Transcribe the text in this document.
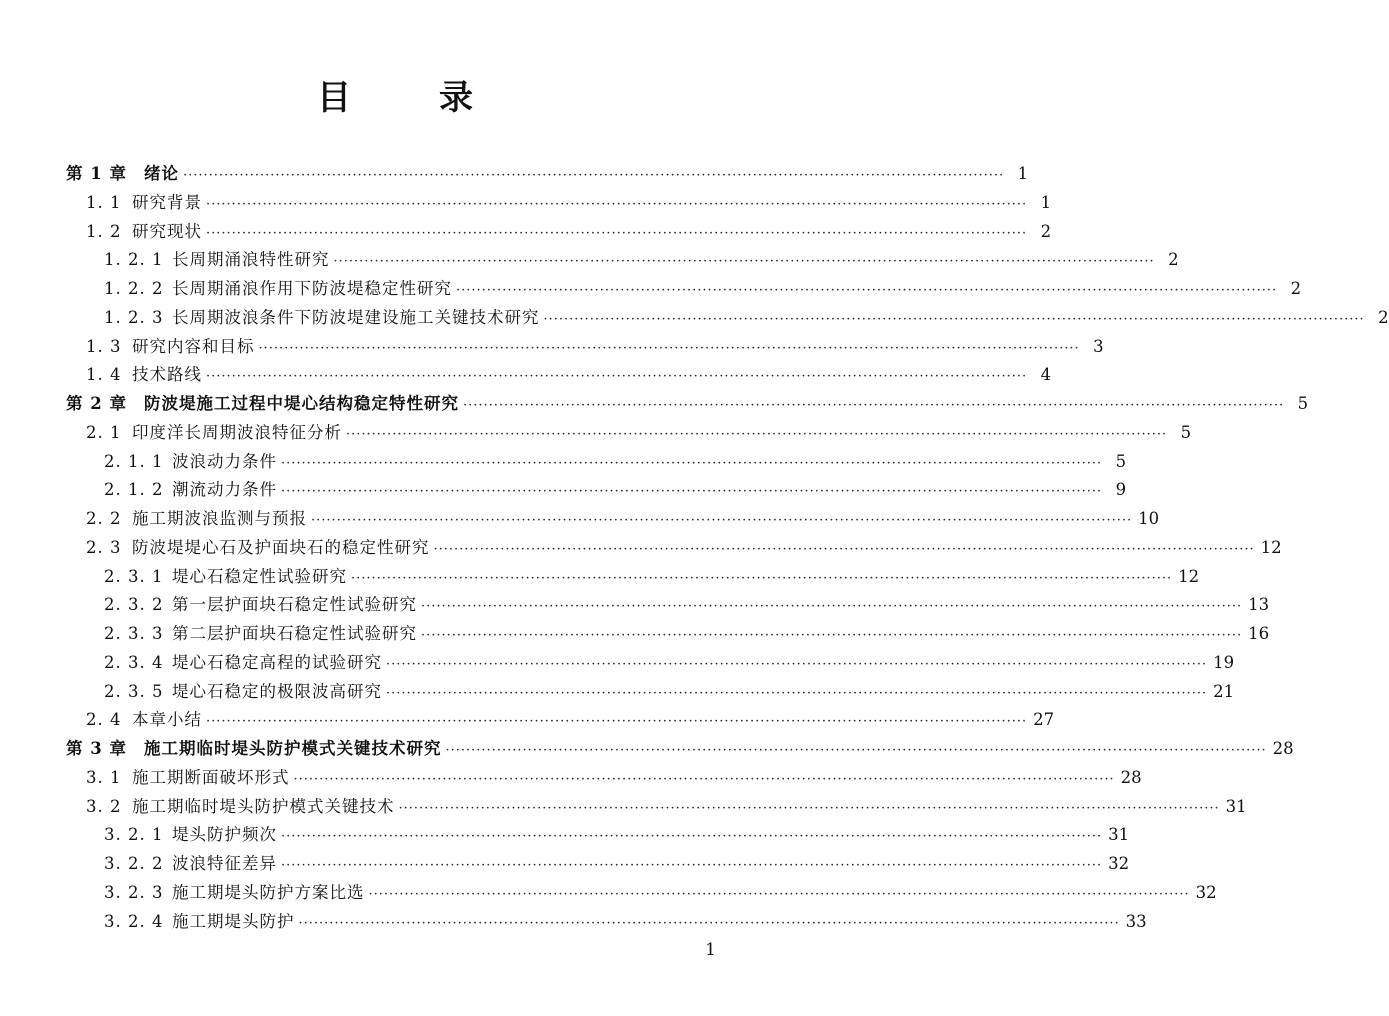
目	录
第 1 章	绪论 ································································································································································ 1
1. 1 研究背景 ································································································································································ 1
1. 2 研究现状 ································································································································································ 2
1. 2. 1 长周期涌浪特性研究 ································································································································································ 2
1. 2. 2 长周期涌浪作用下防波堤稳定性研究 ································································································································································ 2
1. 2. 3 长周期波浪条件下防波堤建设施工关键技术研究 ································································································································································ 2
1. 3 研究内容和目标 ································································································································································ 3
1. 4 技术路线 ································································································································································ 4
第 2 章	防波堤施工过程中堤心结构稳定特性研究 ································································································································································ 5
2. 1 印度洋长周期波浪特征分析 ································································································································································ 5
2. 1. 1 波浪动力条件 ································································································································································ 5
2. 1. 2 潮流动力条件 ································································································································································ 9
2. 2 施工期波浪监测与预报 ································································································································································ 10
2. 3 防波堤堤心石及护面块石的稳定性研究 ································································································································································ 12
2. 3. 1 堤心石稳定性试验研究 ································································································································································ 12
2. 3. 2 第一层护面块石稳定性试验研究 ································································································································································ 13
2. 3. 3 第二层护面块石稳定性试验研究 ································································································································································ 16
2. 3. 4 堤心石稳定高程的试验研究 ································································································································································ 19
2. 3. 5 堤心石稳定的极限波高研究 ································································································································································ 21
2. 4 本章小结 ································································································································································ 27
第 3 章	施工期临时堤头防护模式关键技术研究 ································································································································································ 28
3. 1 施工期断面破坏形式 ································································································································································ 28
3. 2 施工期临时堤头防护模式关键技术 ································································································································································ 31
3. 2. 1 堤头防护频次 ································································································································································ 31
3. 2. 2 波浪特征差异 ································································································································································ 32
3. 2. 3 施工期堤头防护方案比选 ································································································································································ 32
3. 2. 4 施工期堤头防护 ································································································································································ 33
1
